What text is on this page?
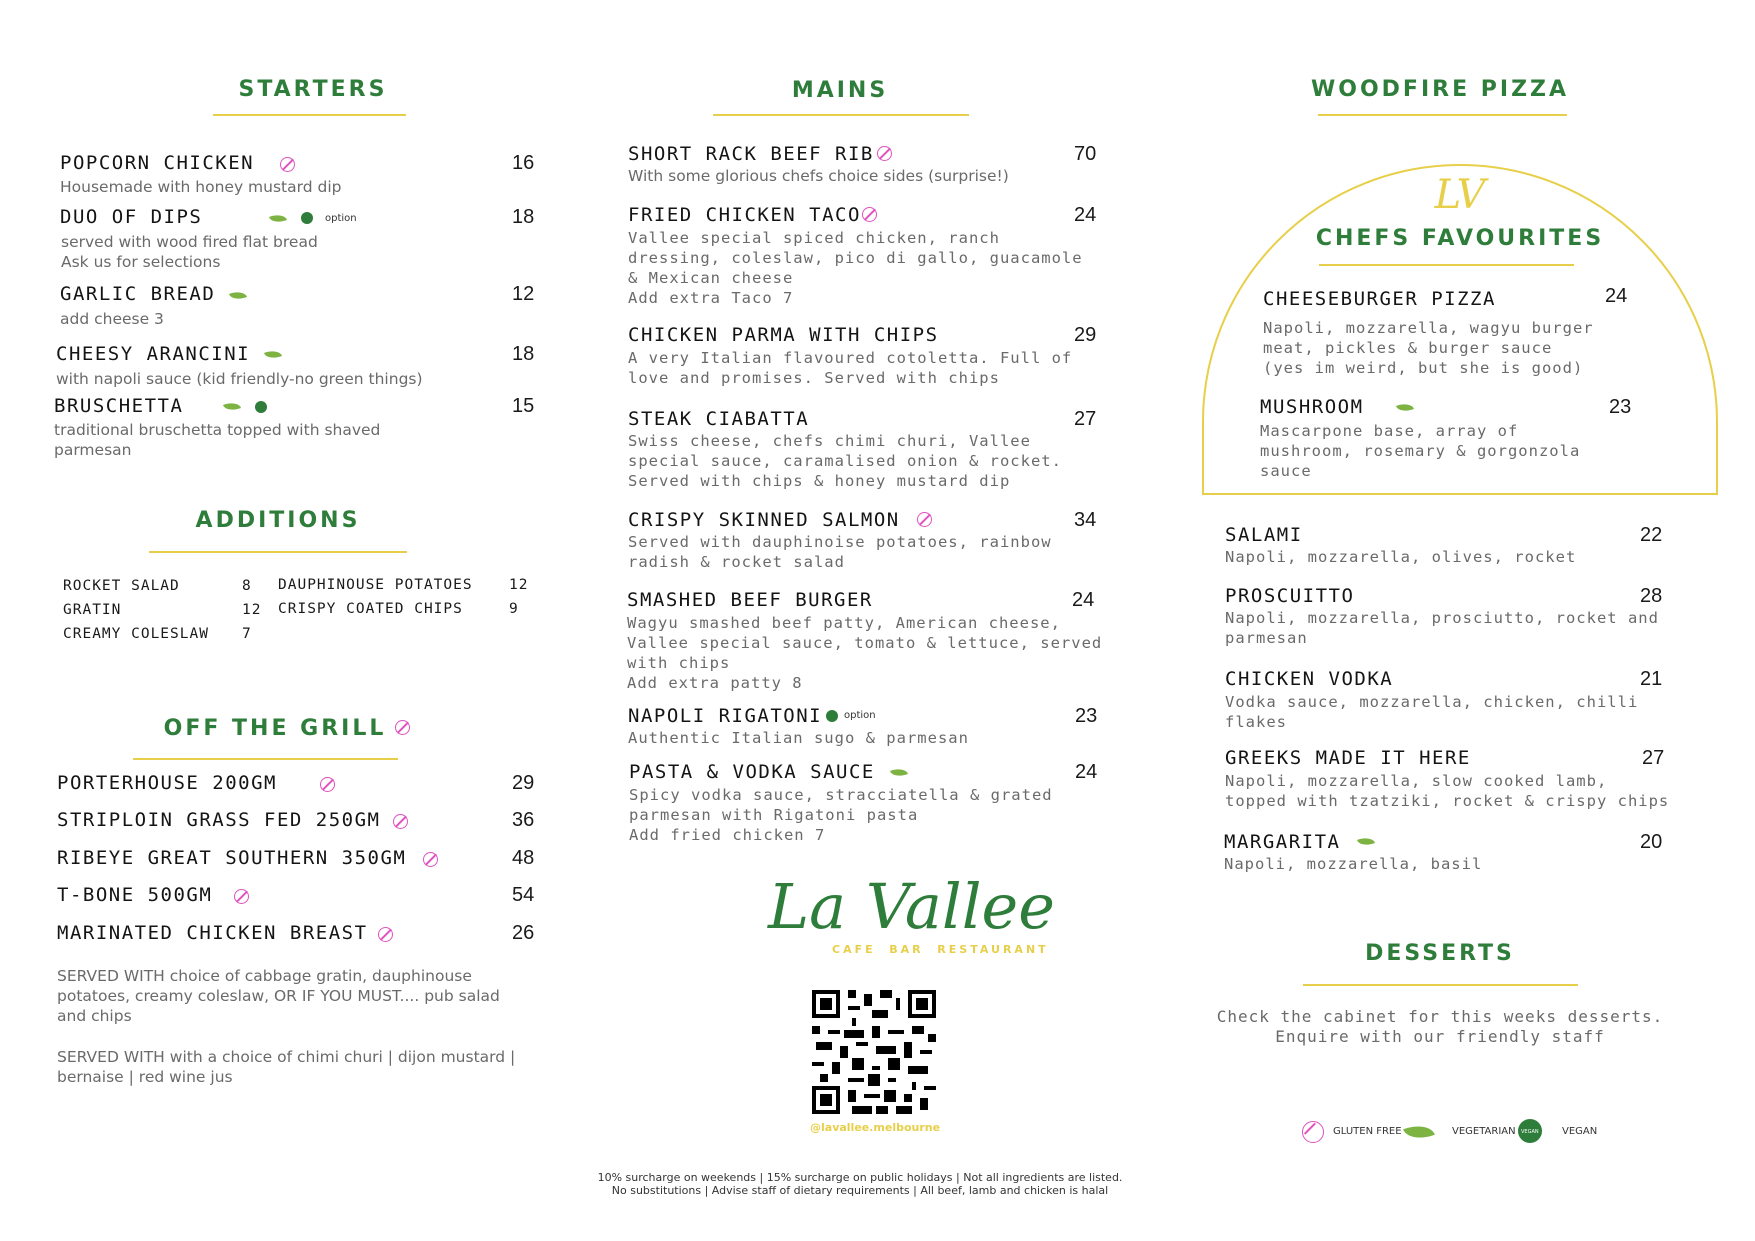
STARTERS
POPCORN CHICKEN	16
Housemade with honey mustard dip
DUO OF DIPS	option	18
served with wood fired flat bread
Ask us for selections
GARLIC BREAD	12
add cheese 3
CHEESY ARANCINI	18
with napoli sauce (kid friendly-no green things)
BRUSCHETTA	15
traditional bruschetta topped with shaved
parmesan
ADDITIONS
ROCKET SALAD	8
GRATIN	12
CREAMY COLESLAW 7
DAUPHINOUSE POTATOES	12
CRISPY COATED CHIPS	9
OFF THE GRILL
PORTERHOUSE 200GM	29
STRIPLOIN GRASS FED 250GM	36
RIBEYE GREAT SOUTHERN 350GM	48
T-BONE 500GM	54
MARINATED CHICKEN BREAST	26
SERVED WITH choice of cabbage gratin, dauphinouse
potatoes, creamy coleslaw, OR IF YOU MUST.... pub salad
and chips
SERVED WITH with a choice of chimi churi | dijon mustard |
bernaise | red wine jus
MAINS
SHORT RACK BEEF RIB	70
With some glorious chefs choice sides (surprise!)
FRIED CHICKEN TACO	24
Vallee special spiced chicken, ranch
dressing, coleslaw, pico di gallo, guacamole
& Mexican cheese
Add extra Taco 7
CHICKEN PARMA WITH CHIPS	29
A very Italian flavoured cotoletta. Full of
love and promises. Served with chips
STEAK CIABATTA	27
Swiss cheese, chefs chimi churi, Vallee
special sauce, caramalised onion & rocket.
Served with chips & honey mustard dip
CRISPY SKINNED SALMON	34
Served with dauphinoise potatoes, rainbow
radish & rocket salad
SMASHED BEEF BURGER	24
Wagyu smashed beef patty, American cheese,
Vallee special sauce, tomato & lettuce, served
with chips
Add extra patty 8
NAPOLI RIGATONI option	23
Authentic Italian sugo & parmesan
PASTA & VODKA SAUCE	24
Spicy vodka sauce, stracciatella & grated
parmesan with Rigatoni pasta
Add fried chicken 7
La Vallee
CAFE  BAR  RESTAURANT
@lavallee.melbourne
WOODFIRE PIZZA
LV
CHEFS FAVOURITES
CHEESEBURGER PIZZA	24
Napoli, mozzarella, wagyu burger
meat, pickles & burger sauce
(yes im weird, but she is good)
MUSHROOM	23
Mascarpone base, array of
mushroom, rosemary & gorgonzola
sauce
SALAMI	22
Napoli, mozzarella, olives, rocket
PROSCUITTO	28
Napoli, mozzarella, prosciutto, rocket and
parmesan
CHICKEN VODKA	21
Vodka sauce, mozzarella, chicken, chilli
flakes
GREEKS MADE IT HERE	27
Napoli, mozzarella, slow cooked lamb,
topped with tzatziki, rocket & crispy chips
MARGARITA	20
Napoli, mozzarella, basil
DESSERTS
Check the cabinet for this weeks desserts.
Enquire with our friendly staff
GLUTEN FREE	VEGETARIAN VEGAN VEGAN
10% surcharge on weekends | 15% surcharge on public holidays | Not all ingredients are listed.
No substitutions | Advise staff of dietary requirements | All beef, lamb and chicken is halal
